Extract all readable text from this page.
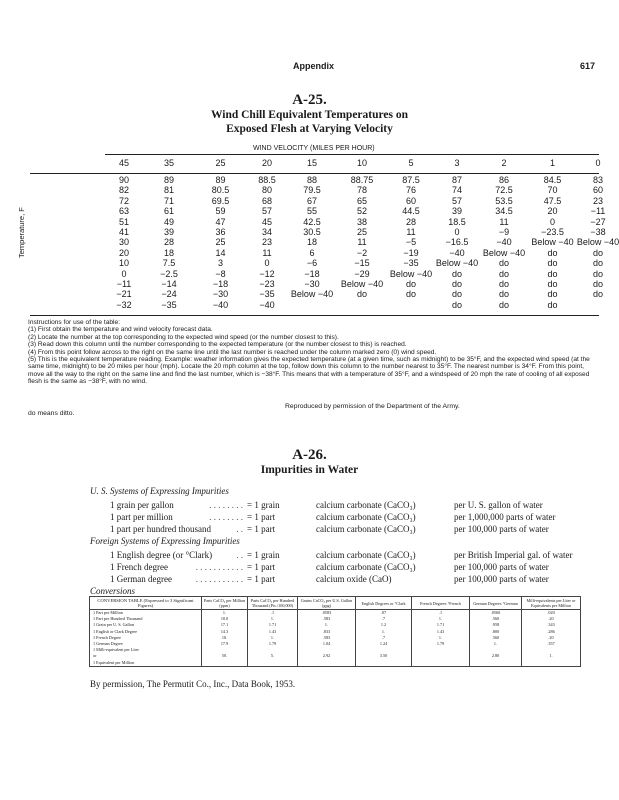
Appendix	617
A-25.
Wind Chill Equivalent Temperatures on
Exposed Flesh at Varying Velocity
WIND VELOCITY (MILES PER HOUR)
Temperature, F
45	35	25	20	15	10	5	3	2	1	0

90	89	89	88.5	88	88.75	87.5	87	86	84.5	83
82	81	80.5	80	79.5	78	76	74	72.5	70	60
72	71	69.5	68	67	65	60	57	53.5	47.5	23
63	61	59	57	55	52	44.5	39	34.5	20	−11
51	49	47	45	42.5	38	28	18.5	11	0	−27
41	39	36	34	30.5	25	11	0	−9	−23.5	−38
30	28	25	23	18	11	−5	−16.5	−40	Below −40	Below −40
20	18	14	11	6	−2	−19	−40	Below −40	do	do
10	7.5	3	0	−6	−15	−35	Below −40	do	do	do
0	−2.5	−8	−12	−18	−29	Below −40	do	do	do	do
−11	−14	−18	−23	−30	Below −40	do	do	do	do	do
−21	−24	−30	−35	Below −40	do	do	do	do	do	do
−32	−35	−40	−40				do	do	do	
Instructions for use of the table:
(1) First obtain the temperature and wind velocity forecast data.
(2) Locate the number at the top corresponding to the expected wind speed (or the number closest to this).
(3) Read down this column until the number corresponding to the expected temperature (or the number closest to this) is reached.
(4) From this point follow across to the right on the same line until the last number is reached under the column marked zero (0) wind speed.
(5) This is the equivalent temperature reading. Example: weather information gives the expected temperature (at a given time, such as midnight) to be 35°F, and the expected wind speed (at the same time, midnight) to be 20 miles per hour (mph). Locate the 20 mph column at the top, follow down this column to the number nearest to 35°F. The nearest number is 34°F. From this point, move all the way to the right on the same line and find the last number, which is −38°F. This means that with a temperature of 35°F, and a windspeed of 20 mph the rate of cooling of all exposed flesh is the same as −38°F, with no wind.
Reproduced by permission of the Department of the Army.
do means ditto.
A-26.
Impurities in Water
U. S. Systems of Expressing Impurities
1 grain per gallon	. . . . . . . . = 1 grain	calcium carbonate (CaCO₃)	per U. S. gallon of water
1 part per million	. . . . . . . . = 1 part	calcium carbonate (CaCO₃)	per 1,000,000 parts of water
1 part per hundred thousand	. . = 1 part	calcium carbonate (CaCO₃)	per 100,000 parts of water
Foreign Systems of Expressing Impurities
1 English degree (or °Clark)	. . = 1 grain	calcium carbonate (CaCO₃)	per British Imperial gal. of water
1 French degree	. . . . . . . . . . . = 1 part	calcium carbonate (CaCO₃)	per 100,000 parts of water
1 German degree	. . . . . . . . . . . = 1 part	calcium oxide (CaO)	per 100,000 parts of water
Conversions
CONVERSION TABLE (Expressed to 3 Significant Figures)	Parts CaCO₃ per Million (ppm)	Parts CaCO₃ per Hundred Thousand (Pts./100,000)	Grains CaCO₃ per U.S. Gallon (gpg)	English Degrees or °Clark	French Degrees °French	German Degrees °German	Milli-equivalents per Liter or Equivalents per Million
1 Part per Million	1.	.1	.0583	.07	.1	.0560	.020
1 Part per Hundred Thousand	10.0	1.	.583	.7	1.	.560	.20
1 Grain per U. S. Gallon	17.1	1.71	1.	1.2	1.71	.958	.343
1 English or Clark Degree	14.3	1.43	.833	1.	1.43	.800	.286
1 French Degree	10.	1.	.583	.7	1.	.560	.20
1 German Degree	17.9	1.79	1.04	1.24	1.79	1.	.357
1 Milli-equivalent per Liter							
or	50.	5.	2.92	3.50		2.80	1.
1 Equivalent per Million							
By permission, The Permutit Co., Inc., Data Book, 1953.
